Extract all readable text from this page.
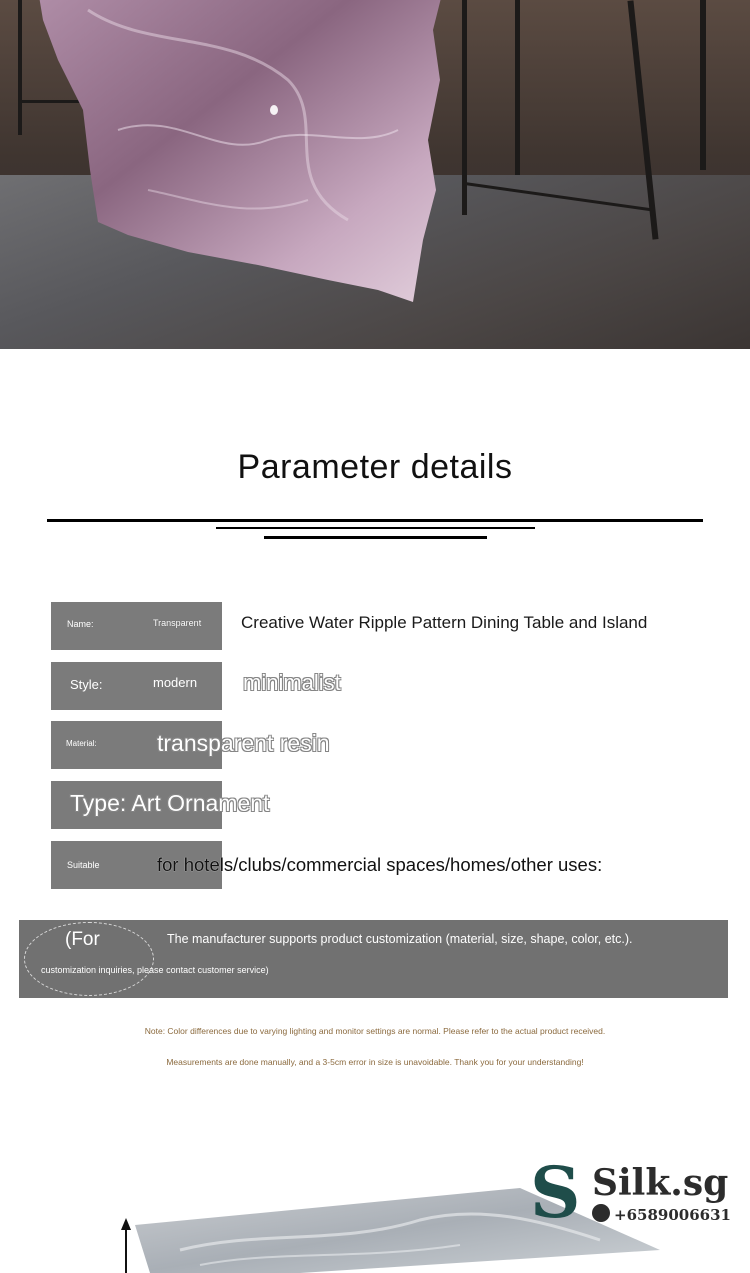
Parameter details
Name:	Transparent Creative Water Ripple Pattern Dining Table and Island
Style:	modern minimalist
Material:	transparent resin
Type: Art Ornament
Suitable	for hotels/clubs/commercial spaces/homes/other uses:
(For	The manufacturer supports product customization (material, size, shape, color, etc.).
customization inquiries, please contact customer service)
Note: Color differences due to varying lighting and monitor settings are normal. Please refer to the actual product received.
Measurements are done manually, and a 3-5cm error in size is unavoidable. Thank you for your understanding!
S Silk.sg
+6589006631
